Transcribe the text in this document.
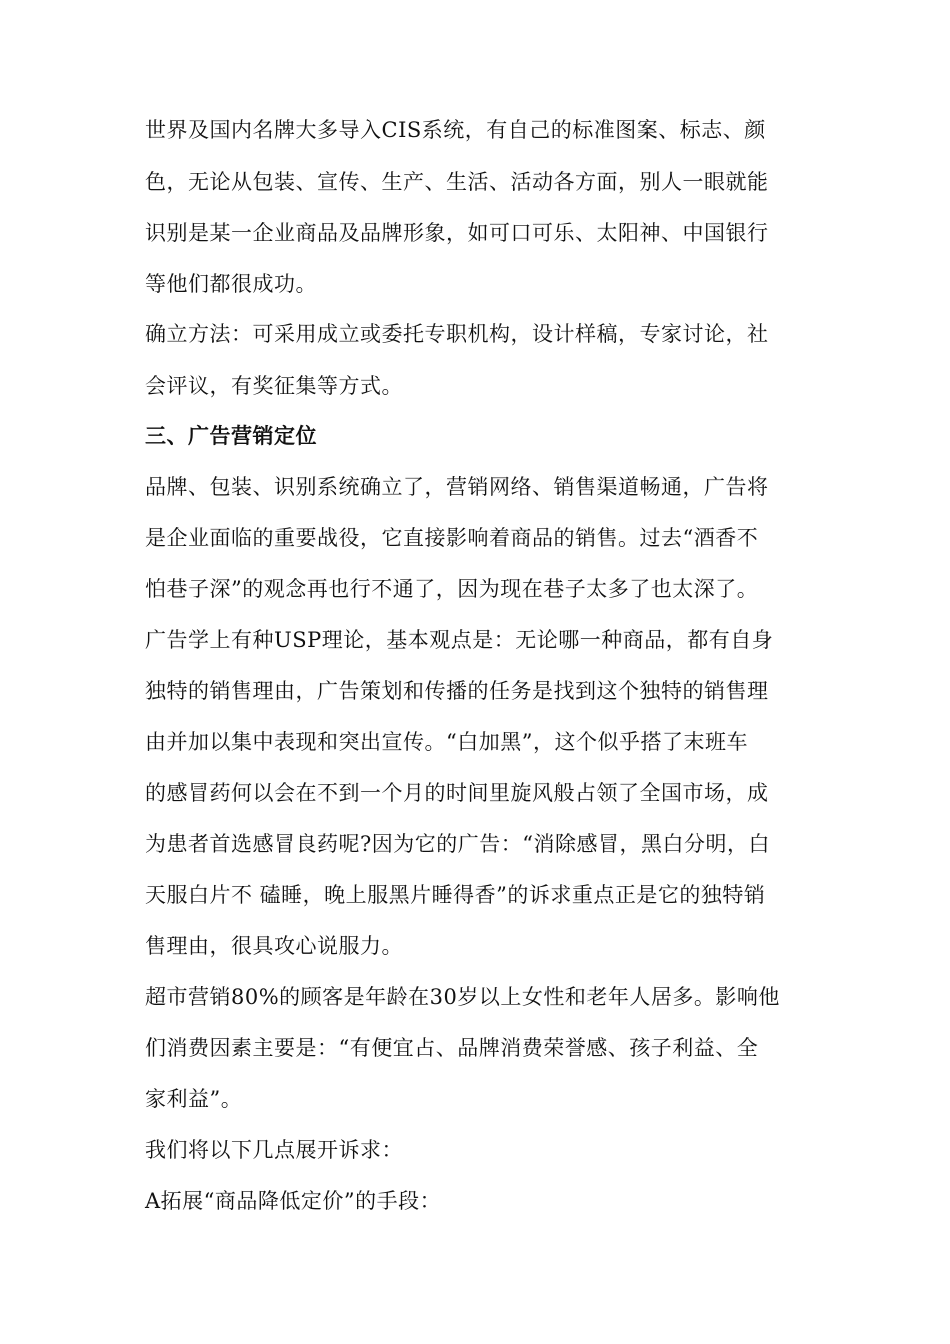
世界及国内名牌大多导入CIS系统，有自己的标准图案、标志、颜
色，无论从包装、宣传、生产、生活、活动各方面，别人一眼就能
识别是某一企业商品及品牌形象，如可口可乐、太阳神、中国银行
等他们都很成功。
确立方法：可采用成立或委托专职机构，设计样稿，专家讨论，社
会评议，有奖征集等方式。
三、广告营销定位
品牌、包装、识别系统确立了，营销网络、销售渠道畅通，广告将
是企业面临的重要战役，它直接影响着商品的销售。过去“酒香不
怕巷子深”的观念再也行不通了，因为现在巷子太多了也太深了。
广告学上有种USP理论，基本观点是：无论哪一种商品，都有自身
独特的销售理由，广告策划和传播的任务是找到这个独特的销售理
由并加以集中表现和突出宣传。“白加黑”，这个似乎搭了末班车
的感冒药何以会在不到一个月的时间里旋风般占领了全国市场，成
为患者首选感冒良药呢?因为它的广告：“消除感冒，黑白分明，白
天服白片不 磕睡，晚上服黑片睡得香”的诉求重点正是它的独特销
售理由，很具攻心说服力。
超市营销80%的顾客是年龄在30岁以上女性和老年人居多。影响他
们消费因素主要是：“有便宜占、品牌消费荣誉感、孩子利益、全
家利益”。
我们将以下几点展开诉求：
A拓展“商品降低定价”的手段：
